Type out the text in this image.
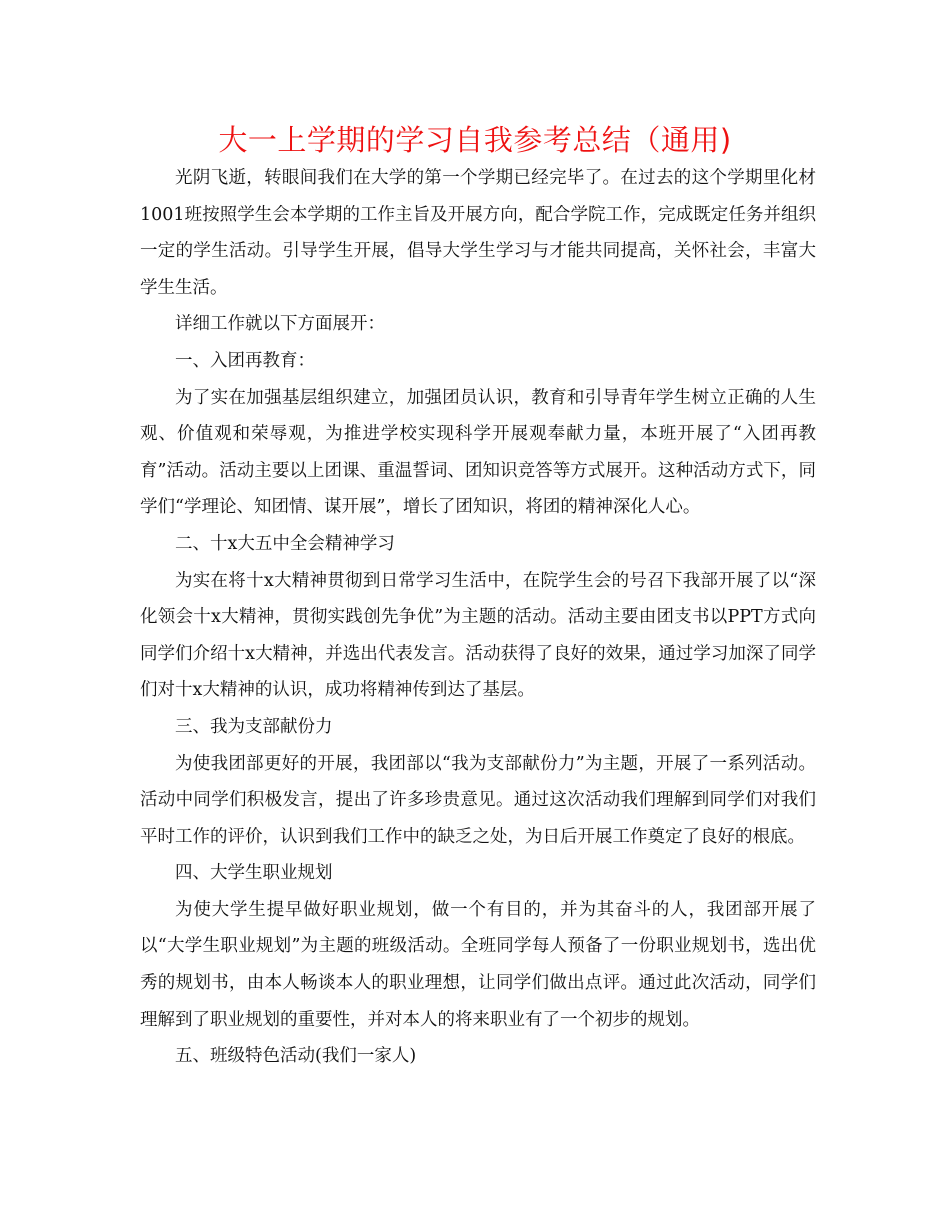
大一上学期的学习自我参考总结（通用)

光阴飞逝，转眼间我们在大学的第一个学期已经完毕了。在过去的这个学期里化材1001班按照学生会本学期的工作主旨及开展方向，配合学院工作，完成既定任务并组织一定的学生活动。引导学生开展，倡导大学生学习与才能共同提高，关怀社会，丰富大学生生活。

详细工作就以下方面展开：

一、入团再教育：

为了实在加强基层组织建立，加强团员认识，教育和引导青年学生树立正确的人生观、价值观和荣辱观，为推进学校实现科学开展观奉献力量，本班开展了“入团再教育”活动。活动主要以上团课、重温誓词、团知识竞答等方式展开。这种活动方式下，同学们“学理论、知团情、谋开展”，增长了团知识，将团的精神深化人心。

二、十x大五中全会精神学习

为实在将十x大精神贯彻到日常学习生活中，在院学生会的号召下我部开展了以“深化领会十x大精神，贯彻实践创先争优”为主题的活动。活动主要由团支书以PPT方式向同学们介绍十x大精神，并选出代表发言。活动获得了良好的效果，通过学习加深了同学们对十x大精神的认识，成功将精神传到达了基层。

三、我为支部献份力

为使我团部更好的开展，我团部以“我为支部献份力”为主题，开展了一系列活动。活动中同学们积极发言，提出了许多珍贵意见。通过这次活动我们理解到同学们对我们平时工作的评价，认识到我们工作中的缺乏之处，为日后开展工作奠定了良好的根底。

四、大学生职业规划

为使大学生提早做好职业规划，做一个有目的，并为其奋斗的人，我团部开展了以“大学生职业规划”为主题的班级活动。全班同学每人预备了一份职业规划书，选出优秀的规划书，由本人畅谈本人的职业理想，让同学们做出点评。通过此次活动，同学们理解到了职业规划的重要性，并对本人的将来职业有了一个初步的规划。

五、班级特色活动(我们一家人)
